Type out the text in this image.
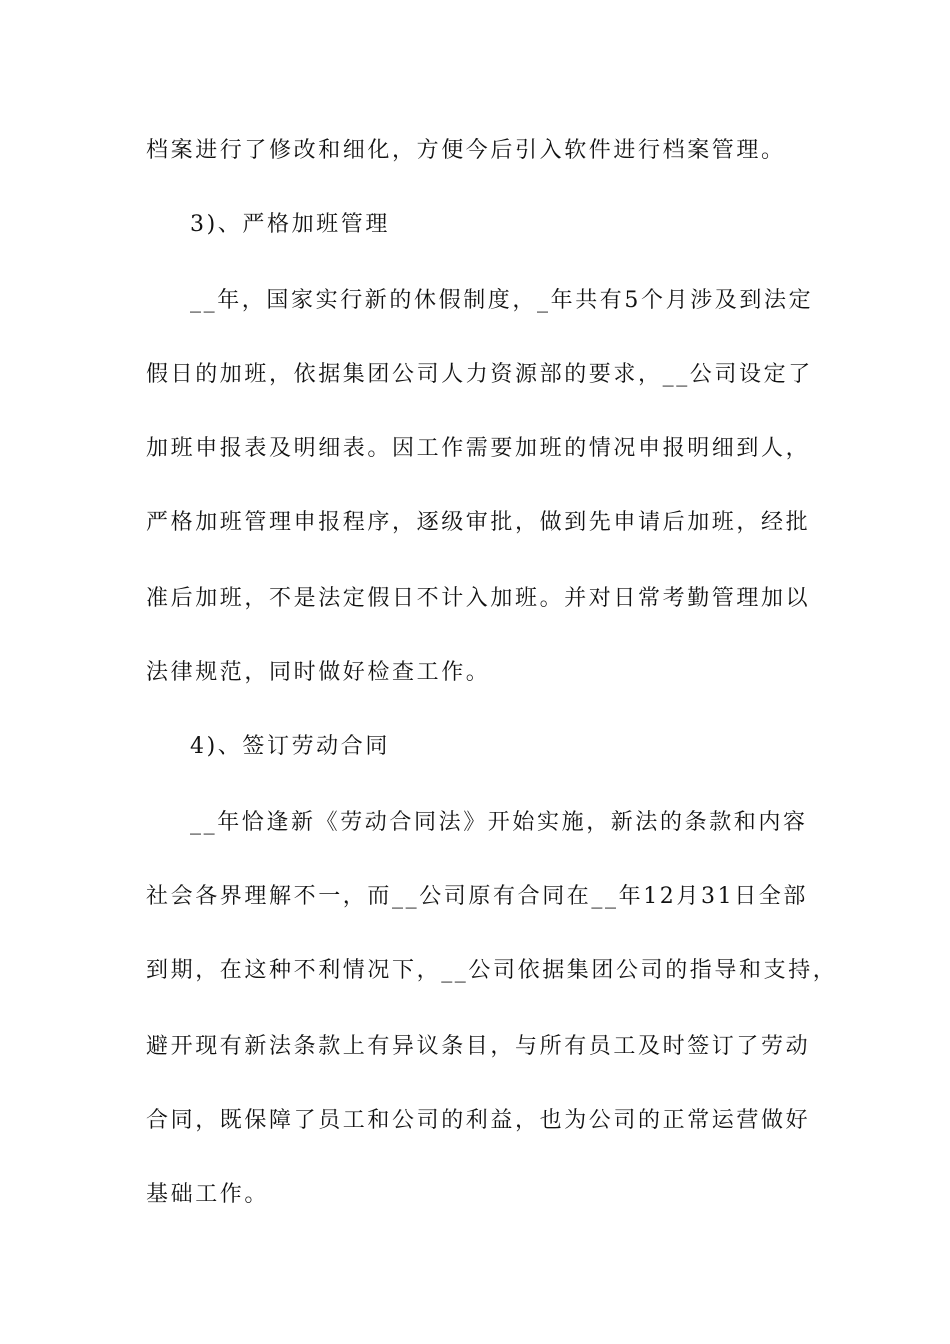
档案进行了修改和细化，方便今后引入软件进行档案管理。

3)、严格加班管理

__年，国家实行新的休假制度，_年共有5个月涉及到法定

假日的加班，依据集团公司人力资源部的要求，__公司设定了

加班申报表及明细表。因工作需要加班的情况申报明细到人，

严格加班管理申报程序，逐级审批，做到先申请后加班，经批

准后加班，不是法定假日不计入加班。并对日常考勤管理加以

法律规范，同时做好检查工作。

4)、签订劳动合同

__年恰逢新《劳动合同法》开始实施，新法的条款和内容

社会各界理解不一，而__公司原有合同在__年12月31日全部

到期，在这种不利情况下，__公司依据集团公司的指导和支持，

避开现有新法条款上有异议条目，与所有员工及时签订了劳动

合同，既保障了员工和公司的利益，也为公司的正常运营做好

基础工作。
